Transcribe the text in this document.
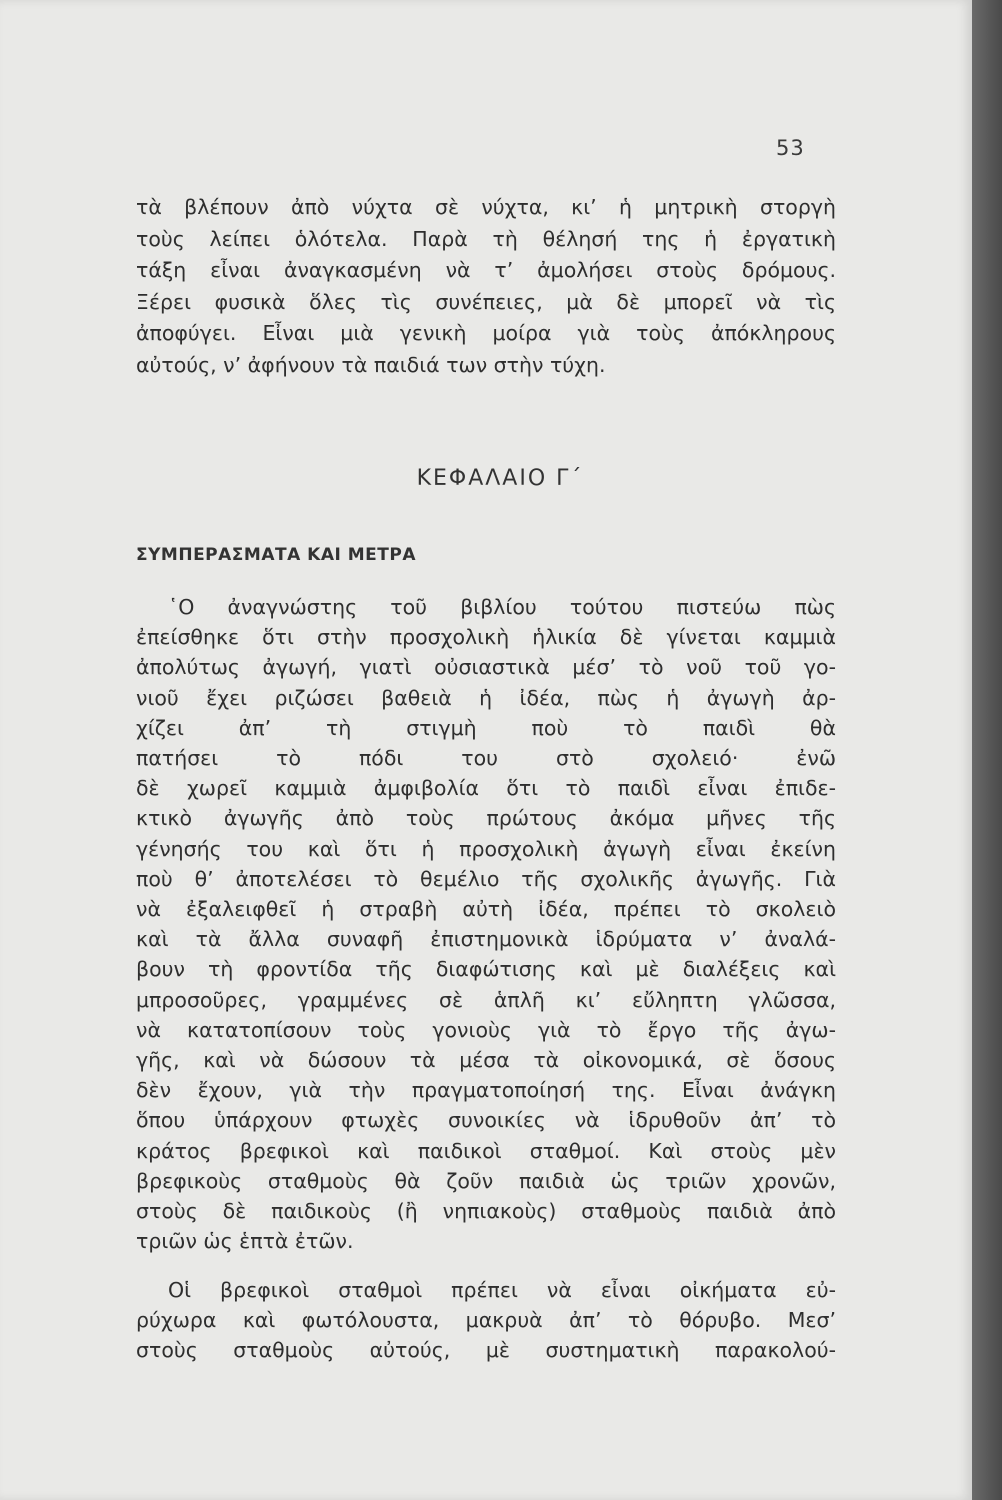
53
τὰ βλέπουν ἀπὸ νύχτα σὲ νύχτα, κι’ ἡ μητρικὴ στοργὴ
τοὺς λείπει ὁλότελα. Παρὰ τὴ θέλησή της ἡ ἐργατικὴ
τάξη εἶναι ἀναγκασμένη νὰ τ’ ἀμολήσει στοὺς δρόμους.
Ξέρει φυσικὰ ὅλες τὶς συνέπειες, μὰ δὲ μπορεῖ νὰ τὶς
ἀποφύγει. Εἶναι μιὰ γενικὴ μοίρα γιὰ τοὺς ἀπόκληρους
αὐτούς, ν’ ἀφήνουν τὰ παιδιά των στὴν τύχη.
ΚΕΦΑΛΑΙΟ Γ΄
ΣΥΜΠΕΡΑΣΜΑΤΑ ΚΑΙ ΜΕΤΡΑ
῾Ο ἀναγνώστης τοῦ βιβλίου τούτου πιστεύω πὼς
ἐπείσθηκε ὅτι στὴν προσχολικὴ ἡλικία δὲ γίνεται καμμιὰ
ἀπολύτως ἀγωγή, γιατὶ οὐσιαστικὰ μέσ’ τὸ νοῦ τοῦ γο-
νιοῦ ἔχει ριζώσει βαθειὰ ἡ ἰδέα, πὼς ἡ ἀγωγὴ ἀρ-
χίζει ἀπ’ τὴ στιγμὴ ποὺ τὸ παιδὶ θὰ
πατήσει τὸ πόδι του στὸ σχολειό· ἐνῶ
δὲ χωρεῖ καμμιὰ ἀμφιβολία ὅτι τὸ παιδὶ εἶναι ἐπιδε-
κτικὸ ἀγωγῆς ἀπὸ τοὺς πρώτους ἀκόμα μῆνες τῆς
γένησής του καὶ ὅτι ἡ προσχολικὴ ἀγωγὴ εἶναι ἐκείνη
ποὺ θ’ ἀποτελέσει τὸ θεμέλιο τῆς σχολικῆς ἀγωγῆς. Γιὰ
νὰ ἐξαλειφθεῖ ἡ στραβὴ αὐτὴ ἰδέα, πρέπει τὸ σκολειὸ
καὶ τὰ ἄλλα συναφῆ ἐπιστημονικὰ ἱδρύματα ν’ ἀναλά-
βουν τὴ φροντίδα τῆς διαφώτισης καὶ μὲ διαλέξεις καὶ
μπροσοῦρες, γραμμένες σὲ ἁπλῆ κι’ εὔληπτη γλῶσσα,
νὰ κατατοπίσουν τοὺς γονιοὺς γιὰ τὸ ἔργο τῆς ἀγω-
γῆς, καὶ νὰ δώσουν τὰ μέσα τὰ οἰκονομικά, σὲ ὅσους
δὲν ἔχουν, γιὰ τὴν πραγματοποίησή της. Εἶναι ἀνάγκη
ὅπου ὑπάρχουν φτωχὲς συνοικίες νὰ ἱδρυθοῦν ἀπ’ τὸ
κράτος βρεφικοὶ καὶ παιδικοὶ σταθμοί. Καὶ στοὺς μὲν
βρεφικοὺς σταθμοὺς θὰ ζοῦν παιδιὰ ὡς τριῶν χρονῶν,
στοὺς δὲ παιδικοὺς (ἢ νηπιακοὺς) σταθμοὺς παιδιὰ ἀπὸ
τριῶν ὡς ἑπτὰ ἐτῶν.
Οἱ βρεφικοὶ σταθμοὶ πρέπει νὰ εἶναι οἰκήματα εὐ-
ρύχωρα καὶ φωτόλουστα, μακρυὰ ἀπ’ τὸ θόρυβο. Μεσ’
στοὺς σταθμοὺς αὐτούς, μὲ συστηματικὴ παρακολού-
